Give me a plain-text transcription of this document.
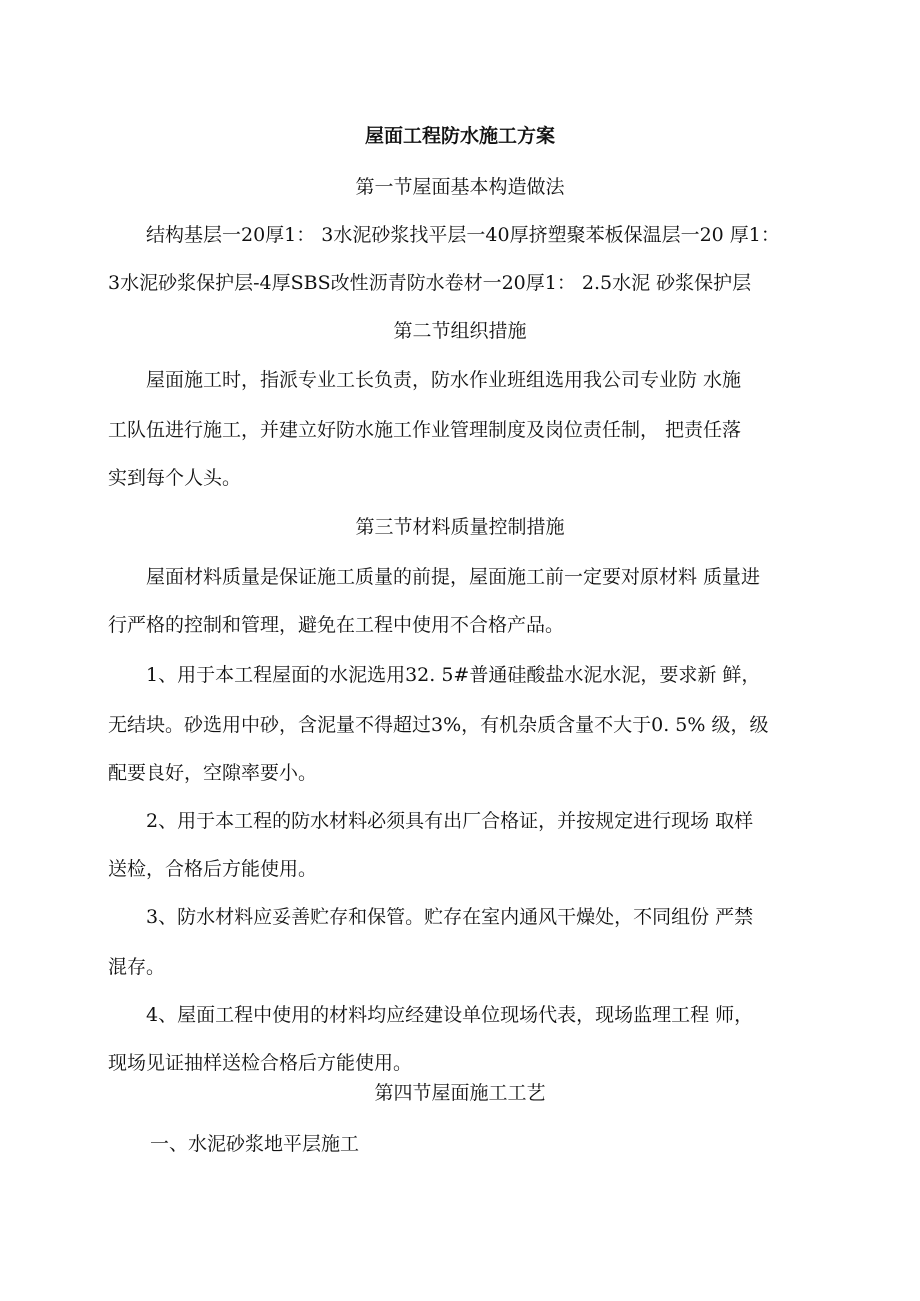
屋面工程防水施工方案
第一节屋面基本构造做法
结构基层一20厚1： 3水泥砂浆找平层一40厚挤塑聚苯板保温层一20 厚1：
3水泥砂浆保护层-4厚SBS改性沥青防水卷材一20厚1： 2.5水泥 砂浆保护层
第二节组织措施
屋面施工时，指派专业工长负责，防水作业班组选用我公司专业防 水施
工队伍进行施工，并建立好防水施工作业管理制度及岗位责任制， 把责任落
实到每个人头。
第三节材料质量控制措施
屋面材料质量是保证施工质量的前提，屋面施工前一定要对原材料 质量进
行严格的控制和管理，避免在工程中使用不合格产品。
1、用于本工程屋面的水泥选用32. 5#普通硅酸盐水泥水泥，要求新 鲜，
无结块。砂选用中砂，含泥量不得超过3%，有机杂质含量不大于0. 5% 级，级
配要良好，空隙率要小。
2、用于本工程的防水材料必须具有出厂合格证，并按规定进行现场 取样
送检，合格后方能使用。
3、防水材料应妥善贮存和保管。贮存在室内通风干燥处，不同组份 严禁
混存。
4、屋面工程中使用的材料均应经建设单位现场代表，现场监理工程 师，
现场见证抽样送检合格后方能使用。
第四节屋面施工工艺
一、水泥砂浆地平层施工
